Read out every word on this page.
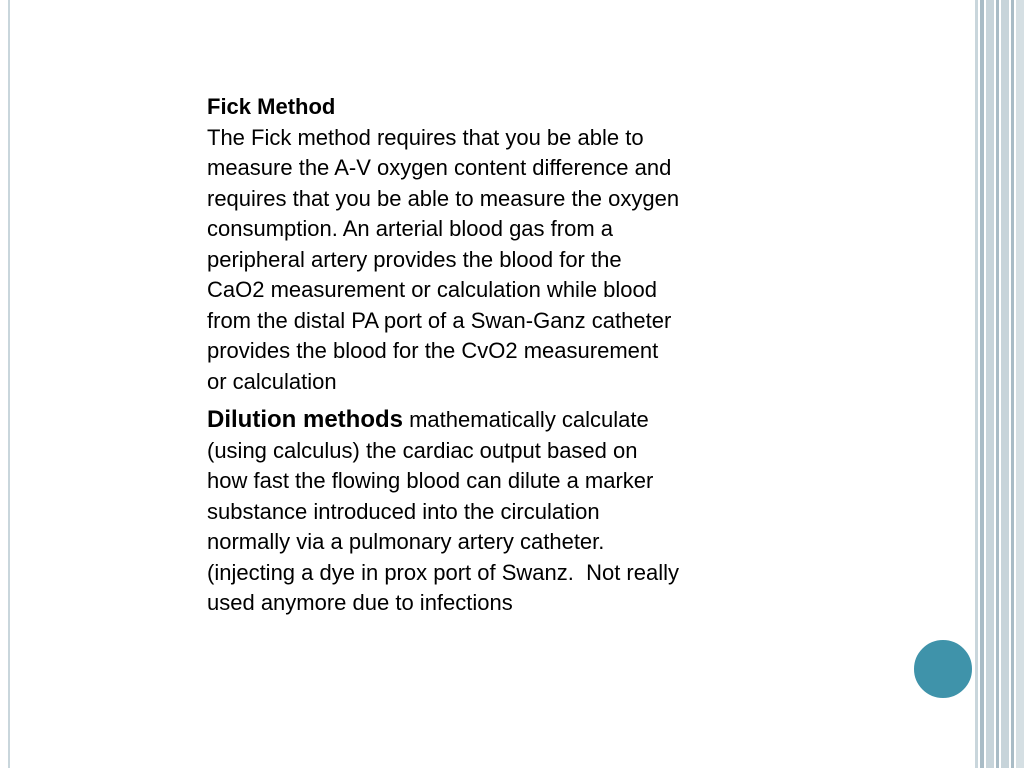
Fick Method
The Fick method requires that you be able to
measure the A-V oxygen content difference and
requires that you be able to measure the oxygen
consumption. An arterial blood gas from a
peripheral artery provides the blood for the
CaO2 measurement or calculation while blood
from the distal PA port of a Swan-Ganz catheter
provides the blood for the CvO2 measurement
or calculation

Dilution methods mathematically calculate
(using calculus) the cardiac output based on
how fast the flowing blood can dilute a marker
substance introduced into the circulation
normally via a pulmonary artery catheter.
(injecting a dye in prox port of Swanz.  Not really
used anymore due to infections
